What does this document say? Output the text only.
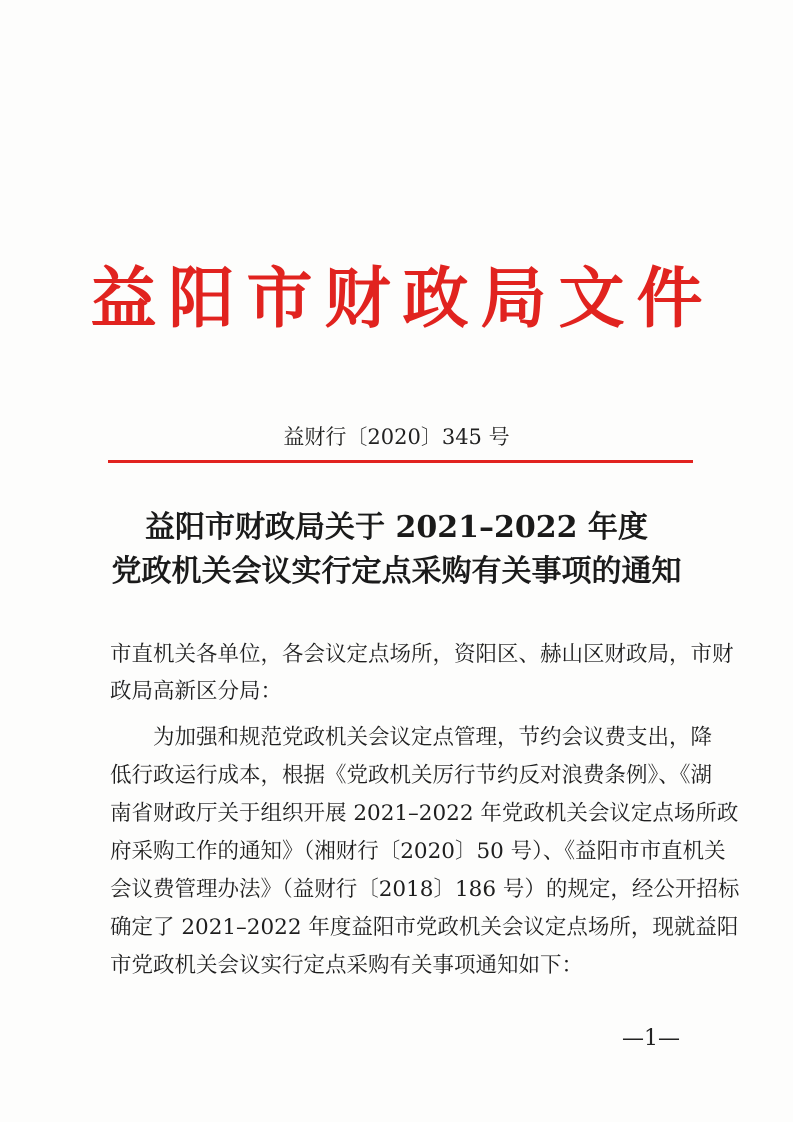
益阳市财政局文件
益财行〔2020〕345 号
益阳市财政局关于 2021–2022 年度
党政机关会议实行定点采购有关事项的通知
市直机关各单位，各会议定点场所，资阳区、赫山区财政局，市财
政局高新区分局：
　　为加强和规范党政机关会议定点管理，节约会议费支出，降
低行政运行成本，根据《党政机关厉行节约反对浪费条例》、《湖
南省财政厅关于组织开展 2021–2022 年党政机关会议定点场所政
府采购工作的通知》（湘财行〔2020〕50 号）、《益阳市市直机关
会议费管理办法》（益财行〔2018〕186 号）的规定，经公开招标
确定了 2021–2022 年度益阳市党政机关会议定点场所，现就益阳
市党政机关会议实行定点采购有关事项通知如下：
—1—
